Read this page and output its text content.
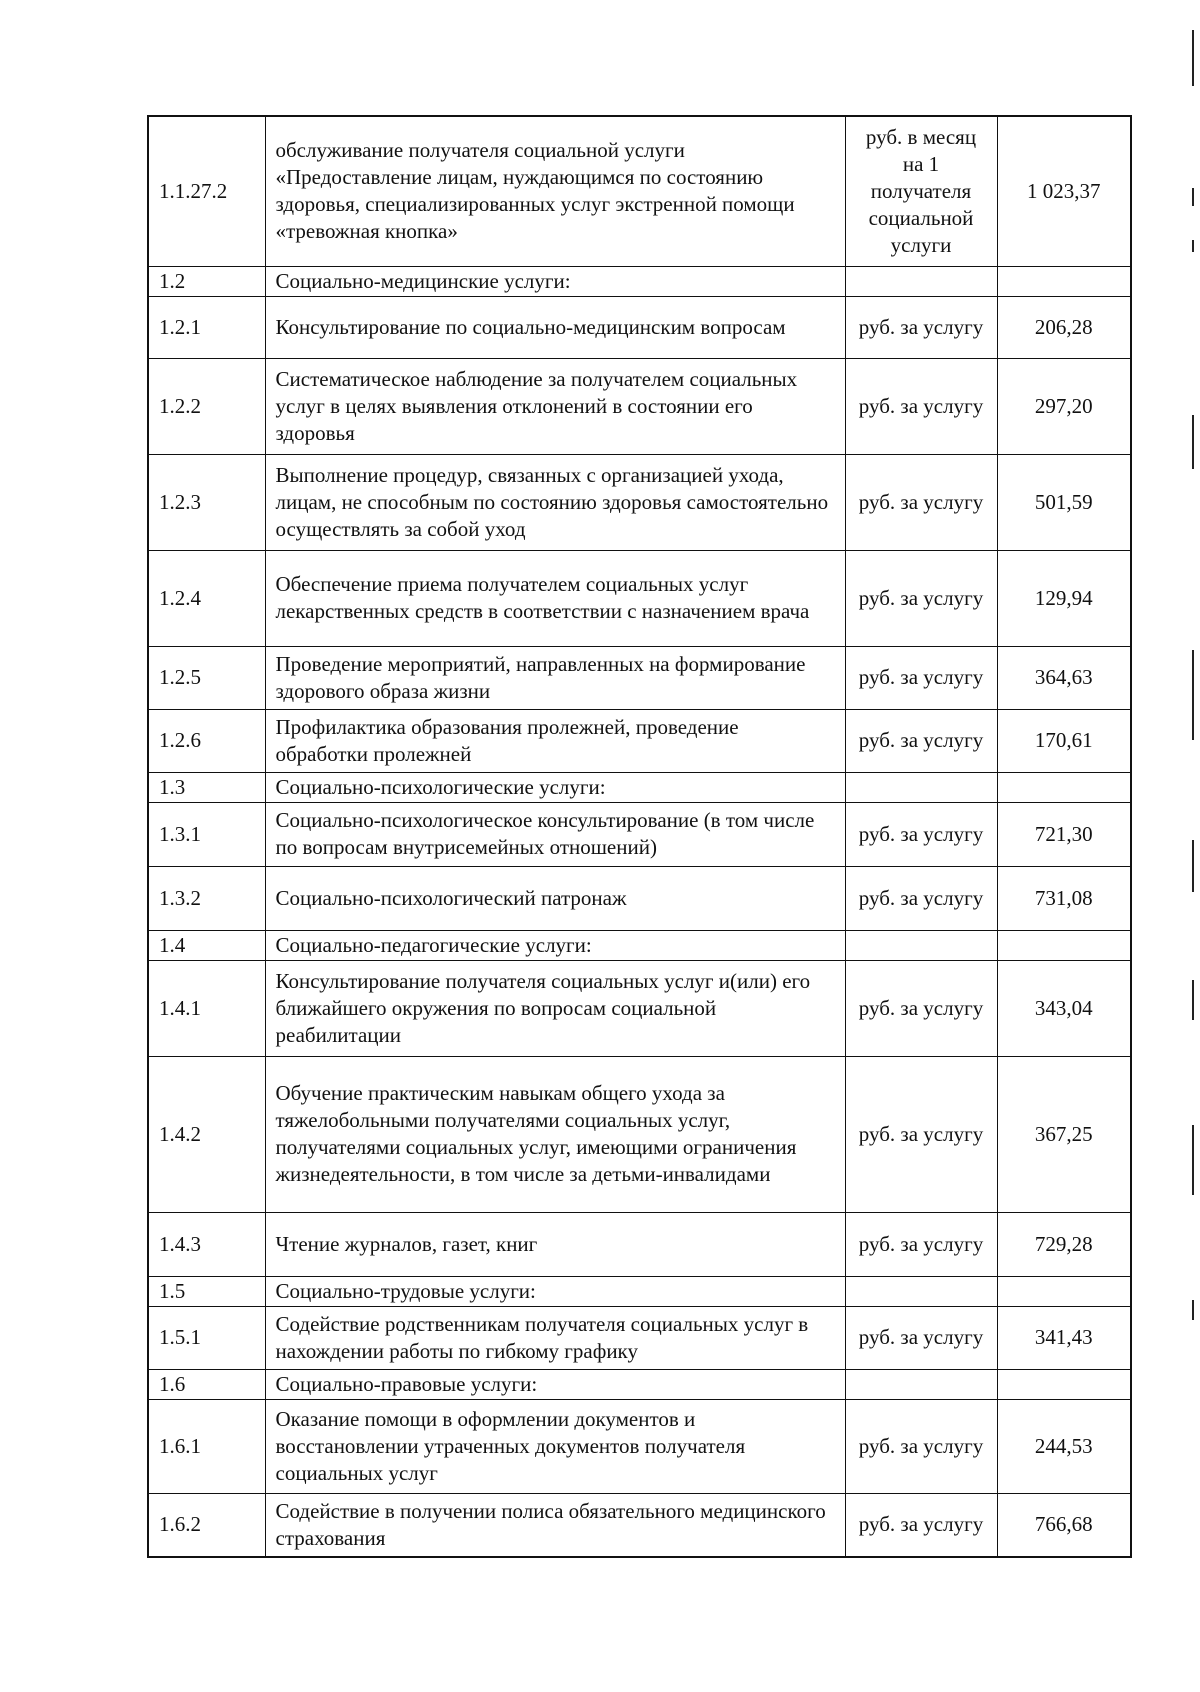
1.1.27.2	обслуживание получателя социальной услуги «Предоставление лицам, нуждающимся по состоянию здоровья, специализированных услуг экстренной помощи «тревожная кнопка»	руб. в месяц на 1 получателя социальной услуги	1 023,37
1.2	Социально-медицинские услуги:		
1.2.1	Консультирование по социально-медицинским вопросам	руб. за услугу	206,28
1.2.2	Систематическое наблюдение за получателем социальных услуг в целях выявления отклонений в состоянии его здоровья	руб. за услугу	297,20
1.2.3	Выполнение процедур, связанных с организацией ухода, лицам, не способным по состоянию здоровья самостоятельно осуществлять за собой уход	руб. за услугу	501,59
1.2.4	Обеспечение приема получателем социальных услуг лекарственных средств в соответствии с назначением врача	руб. за услугу	129,94
1.2.5	Проведение мероприятий, направленных на формирование здорового образа жизни	руб. за услугу	364,63
1.2.6	Профилактика образования пролежней, проведение обработки пролежней	руб. за услугу	170,61
1.3	Социально-психологические услуги:		
1.3.1	Социально-психологическое консультирование (в том числе по вопросам внутрисемейных отношений)	руб. за услугу	721,30
1.3.2	Социально-психологический патронаж	руб. за услугу	731,08
1.4	Социально-педагогические услуги:		
1.4.1	Консультирование получателя социальных услуг и(или) его ближайшего окружения по вопросам социальной реабилитации	руб. за услугу	343,04
1.4.2	Обучение практическим навыкам общего ухода за тяжелобольными получателями социальных услуг, получателями социальных услуг, имеющими ограничения жизнедеятельности, в том числе за детьми-инвалидами	руб. за услугу	367,25
1.4.3	Чтение журналов, газет, книг	руб. за услугу	729,28
1.5	Социально-трудовые услуги:		
1.5.1	Содействие родственникам получателя социальных услуг в нахождении работы по гибкому графику	руб. за услугу	341,43
1.6	Социально-правовые услуги:		
1.6.1	Оказание помощи в оформлении документов и восстановлении утраченных документов получателя социальных услуг	руб. за услугу	244,53
1.6.2	Содействие в получении полиса обязательного медицинского страхования	руб. за услугу	766,68
